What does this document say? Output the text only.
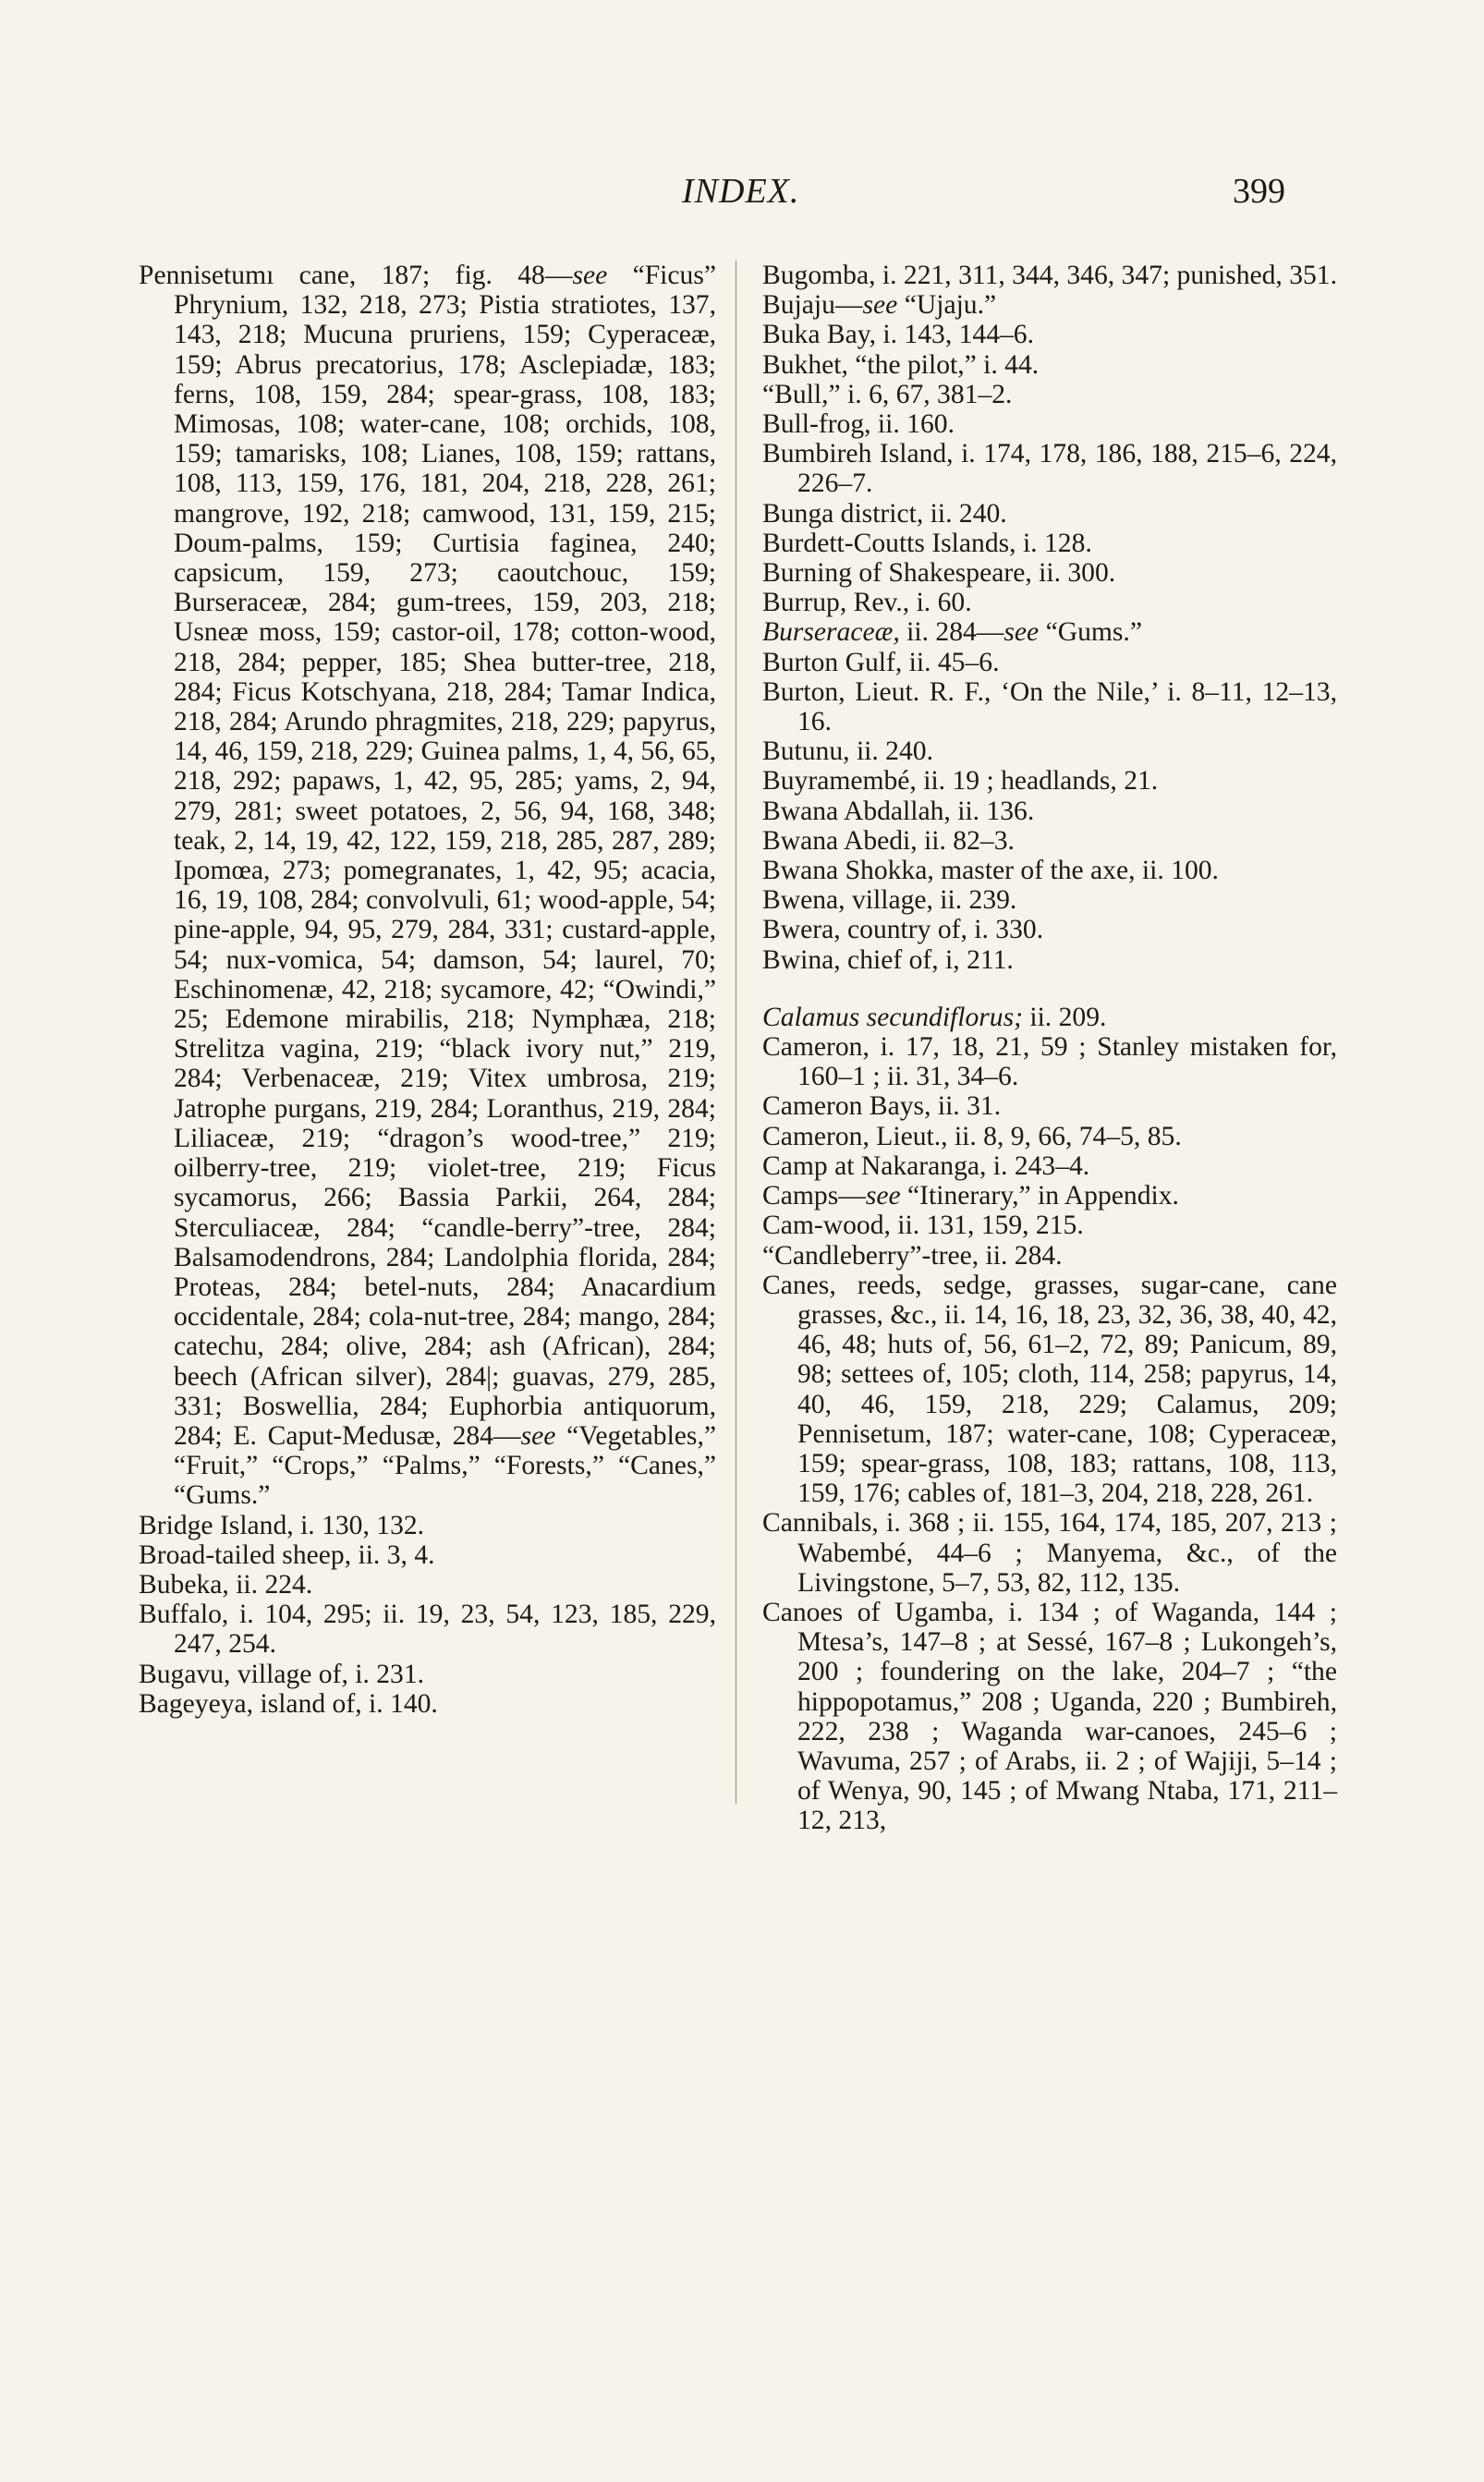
INDEX.	399

Pennisetumı cane, 187; fig. 48—see “Ficus” Phrynium, 132, 218, 273; Pistia stratiotes, 137, 143, 218; Mucuna pruriens, 159; Cyperaceæ, 159; Abrus precatorius, 178; Asclepiadæ, 183; ferns, 108, 159, 284; spear-grass, 108, 183; Mimosas, 108; water-cane, 108; orchids, 108, 159; tamarisks, 108; Lianes, 108, 159; rattans, 108, 113, 159, 176, 181, 204, 218, 228, 261; mangrove, 192, 218; camwood, 131, 159, 215; Doum-palms, 159; Curtisia faginea, 240; capsicum, 159, 273; caoutchouc, 159; Burseraceæ, 284; gum-trees, 159, 203, 218; Usneæ moss, 159; castor-oil, 178; cotton-wood, 218, 284; pepper, 185; Shea butter-tree, 218, 284; Ficus Kotschyana, 218, 284; Tamar Indica, 218, 284; Arundo phragmites, 218, 229; papyrus, 14, 46, 159, 218, 229; Guinea palms, 1, 4, 56, 65, 218, 292; papaws, 1, 42, 95, 285; yams, 2, 94, 279, 281; sweet potatoes, 2, 56, 94, 168, 348; teak, 2, 14, 19, 42, 122, 159, 218, 285, 287, 289; Ipomœa, 273; pomegranates, 1, 42, 95; acacia, 16, 19, 108, 284; convolvuli, 61; wood-apple, 54; pine-apple, 94, 95, 279, 284, 331; custard-apple, 54; nux-vomica, 54; damson, 54; laurel, 70; Eschinomenæ, 42, 218; sycamore, 42; “Owindi,” 25; Edemone mirabilis, 218; Nymphæa, 218; Strelitza vagina, 219; “black ivory nut,” 219, 284; Verbenaceæ, 219; Vitex umbrosa, 219; Jatrophe purgans, 219, 284; Loranthus, 219, 284; Liliaceæ, 219; “dragon’s wood-tree,” 219; oilberry-tree, 219; violet-tree, 219; Ficus sycamorus, 266; Bassia Parkii, 264, 284; Sterculiaceæ, 284; “candle-berry”-tree, 284; Balsamodendrons, 284; Landolphia florida, 284; Proteas, 284; betel-nuts, 284; Anacardium occidentale, 284; cola-nut-tree, 284; mango, 284; catechu, 284; olive, 284; ash (African), 284; beech (African silver), 284|; guavas, 279, 285, 331; Boswellia, 284; Euphorbia antiquorum, 284; E. Caput-Medusæ, 284—see “Vegetables,” “Fruit,” “Crops,” “Palms,” “Forests,” “Canes,” “Gums.”

Bridge Island, i. 130, 132.

Broad-tailed sheep, ii. 3, 4.

Bubeka, ii. 224.

Buffalo, i. 104, 295; ii. 19, 23, 54, 123, 185, 229, 247, 254.

Bugavu, village of, i. 231.

Bageyeya, island of, i. 140.

Bugomba, i. 221, 311, 344, 346, 347; punished, 351.

Bujaju—see “Ujaju.”

Buka Bay, i. 143, 144–6.

Bukhet, “the pilot,” i. 44.

“Bull,” i. 6, 67, 381–2.

Bull-frog, ii. 160.

Bumbireh Island, i. 174, 178, 186, 188, 215–6, 224, 226–7.

Bunga district, ii. 240.

Burdett-Coutts Islands, i. 128.

Burning of Shakespeare, ii. 300.

Burrup, Rev., i. 60.

Burseraceæ, ii. 284—see “Gums.”

Burton Gulf, ii. 45–6.

Burton, Lieut. R. F., ‘On the Nile,’ i. 8–11, 12–13, 16.

Butunu, ii. 240.

Buyramembé, ii. 19 ; headlands, 21.

Bwana Abdallah, ii. 136.

Bwana Abedi, ii. 82–3.

Bwana Shokka, master of the axe, ii. 100.

Bwena, village, ii. 239.

Bwera, country of, i. 330.

Bwina, chief of, i, 211.

Calamus secundiflorus; ii. 209.

Cameron, i. 17, 18, 21, 59 ; Stanley mistaken for, 160–1 ; ii. 31, 34–6.

Cameron Bays, ii. 31.

Cameron, Lieut., ii. 8, 9, 66, 74–5, 85.

Camp at Nakaranga, i. 243–4.

Camps—see “Itinerary,” in Appendix.

Cam-wood, ii. 131, 159, 215.

“Candleberry”-tree, ii. 284.

Canes, reeds, sedge, grasses, sugar-cane, cane grasses, &c., ii. 14, 16, 18, 23, 32, 36, 38, 40, 42, 46, 48; huts of, 56, 61–2, 72, 89; Panicum, 89, 98; settees of, 105; cloth, 114, 258; papyrus, 14, 40, 46, 159, 218, 229; Calamus, 209; Pennisetum, 187; water-cane, 108; Cyperaceæ, 159; spear-grass, 108, 183; rattans, 108, 113, 159, 176; cables of, 181–3, 204, 218, 228, 261.

Cannibals, i. 368 ; ii. 155, 164, 174, 185, 207, 213 ; Wabembé, 44–6 ; Manyema, &c., of the Livingstone, 5–7, 53, 82, 112, 135.

Canoes of Ugamba, i. 134 ; of Waganda, 144 ; Mtesa’s, 147–8 ; at Sessé, 167–8 ; Lukongeh’s, 200 ; foundering on the lake, 204–7 ; “the hippopotamus,” 208 ; Uganda, 220 ; Bumbireh, 222, 238 ; Waganda war-canoes, 245–6 ; Wavuma, 257 ; of Arabs, ii. 2 ; of Wajiji, 5–14 ; of Wenya, 90, 145 ; of Mwang Ntaba, 171, 211–12, 213,
